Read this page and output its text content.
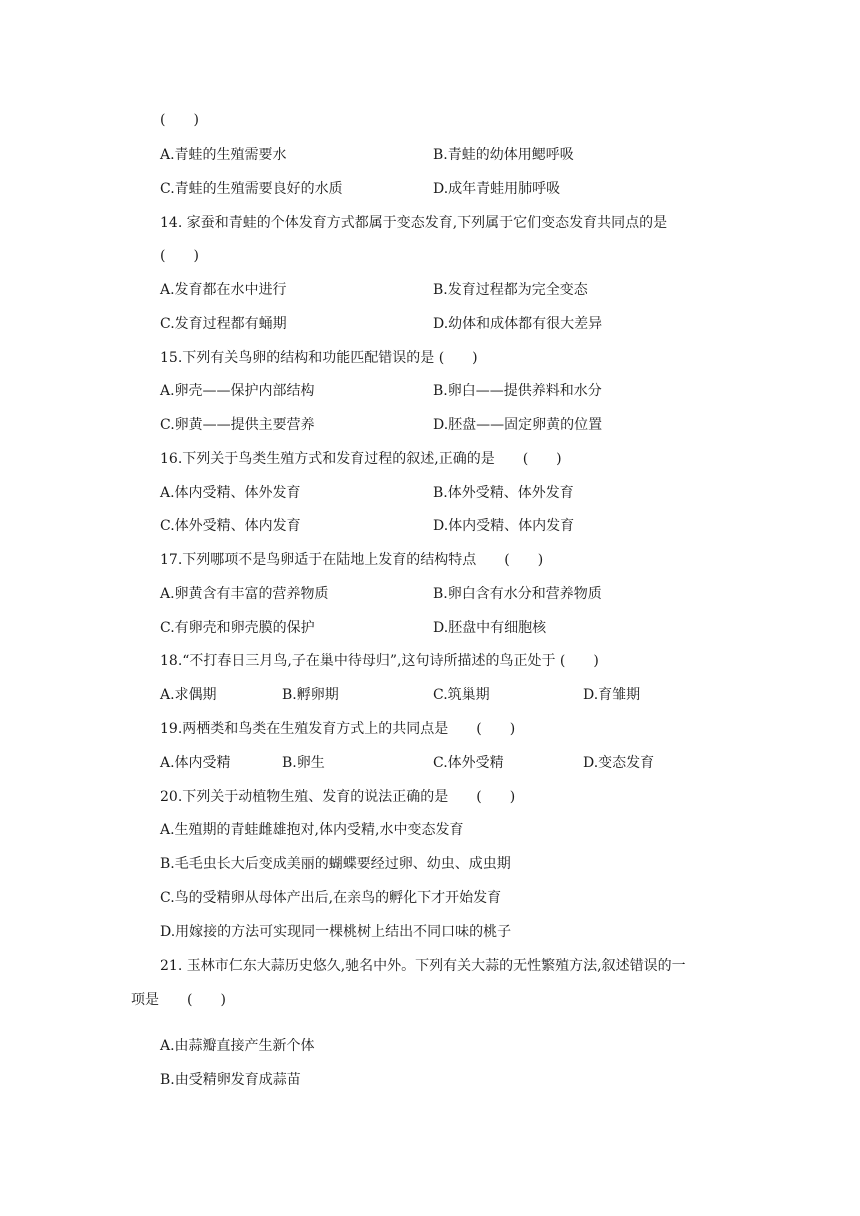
(　　)
A.青蛙的生殖需要水	B.青蛙的幼体用鳃呼吸
C.青蛙的生殖需要良好的水质	D.成年青蛙用肺呼吸
14. 家蚕和青蛙的个体发育方式都属于变态发育,下列属于它们变态发育共同点的是
(　　)
A.发育都在水中进行	B.发育过程都为完全变态
C.发育过程都有蛹期	D.幼体和成体都有很大差异
15.下列有关鸟卵的结构和功能匹配错误的是 (　　)
A.卵壳——保护内部结构	B.卵白——提供养料和水分
C.卵黄——提供主要营养	D.胚盘——固定卵黄的位置
16.下列关于鸟类生殖方式和发育过程的叙述,正确的是　　(　　)
A.体内受精、体外发育	B.体外受精、体外发育
C.体外受精、体内发育	D.体内受精、体内发育
17.下列哪项不是鸟卵适于在陆地上发育的结构特点　　(　　)
A.卵黄含有丰富的营养物质	B.卵白含有水分和营养物质
C.有卵壳和卵壳膜的保护	D.胚盘中有细胞核
18.“不打春日三月鸟,子在巢中待母归”,这句诗所描述的鸟正处于 (　　)
A.求偶期	B.孵卵期	C.筑巢期	D.育雏期
19.两栖类和鸟类在生殖发育方式上的共同点是　　(　　)
A.体内受精	B.卵生	C.体外受精	D.变态发育
20.下列关于动植物生殖、发育的说法正确的是　　(　　)
A.生殖期的青蛙雌雄抱对,体内受精,水中变态发育
B.毛毛虫长大后变成美丽的蝴蝶要经过卵、幼虫、成虫期
C.鸟的受精卵从母体产出后,在亲鸟的孵化下才开始发育
D.用嫁接的方法可实现同一棵桃树上结出不同口味的桃子
21. 玉林市仁东大蒜历史悠久,驰名中外。下列有关大蒜的无性繁殖方法,叙述错误的一
项是　　(　　)
A.由蒜瓣直接产生新个体
B.由受精卵发育成蒜苗
